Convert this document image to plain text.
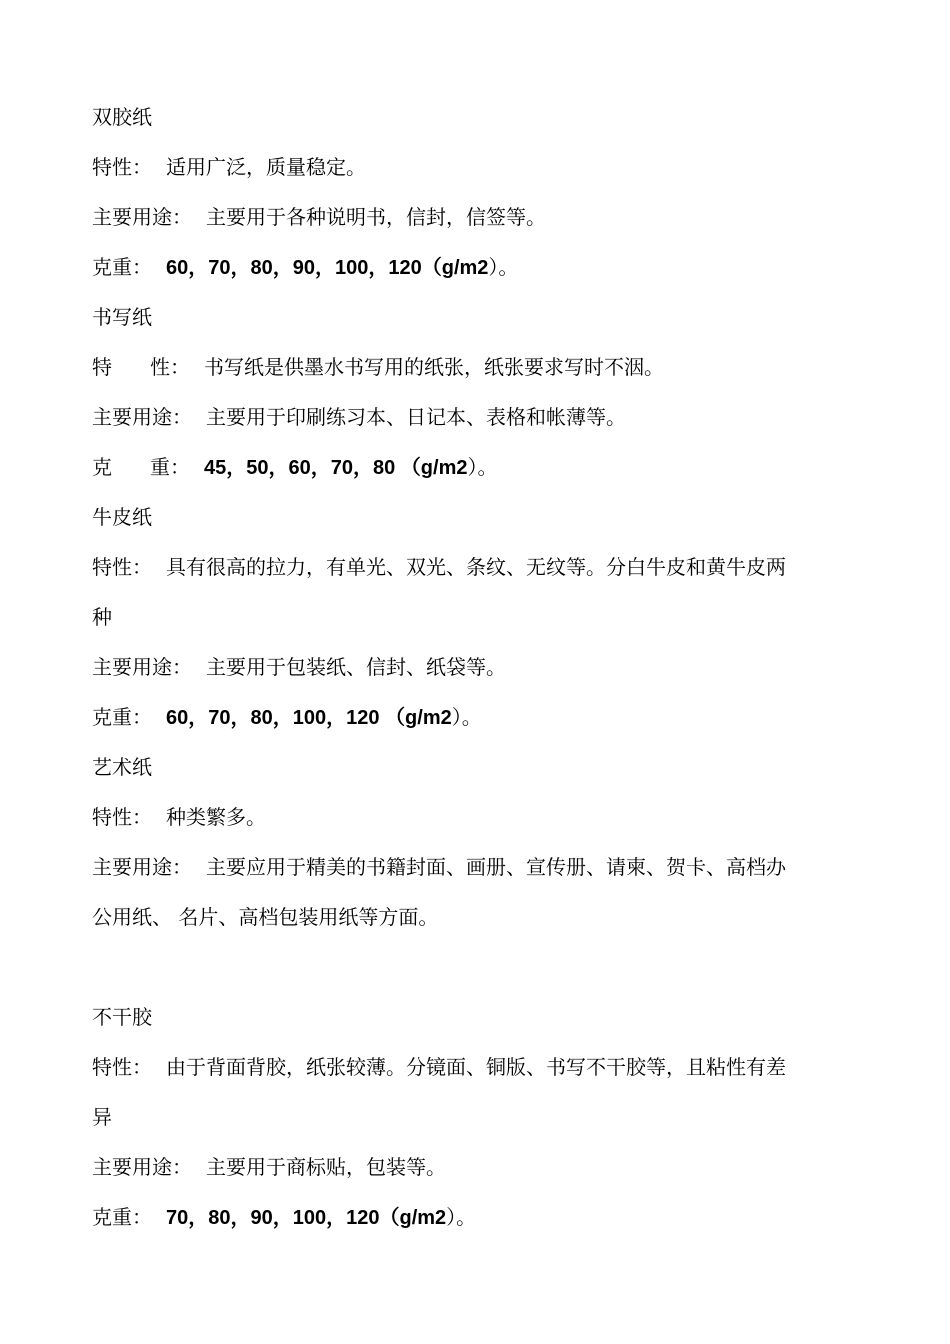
双胶纸
特性： 适用广泛，质量稳定。
主要用途： 主要用于各种说明书，信封，信签等。
克重： 60，70，80，90，100，120（g/m2）。
书写纸
特 性： 书写纸是供墨水书写用的纸张，纸张要求写时不洇。
主要用途： 主要用于印刷练习本、日记本、表格和帐薄等。
克 重： 45，50，60，70，80 （g/m2）。
牛皮纸
特性： 具有很高的拉力，有单光、双光、条纹、无纹等。分白牛皮和黄牛皮两
种
主要用途： 主要用于包装纸、信封、纸袋等。
克重： 60，70，80，100，120 （g/m2）。
艺术纸
特性： 种类繁多。
主要用途： 主要应用于精美的书籍封面、画册、宣传册、请柬、贺卡、高档办
公用纸、 名片、高档包装用纸等方面。
不干胶
特性： 由于背面背胶，纸张较薄。分镜面、铜版、书写不干胶等，且粘性有差
异
主要用途： 主要用于商标贴，包装等。
克重： 70，80，90，100，120（g/m2）。
